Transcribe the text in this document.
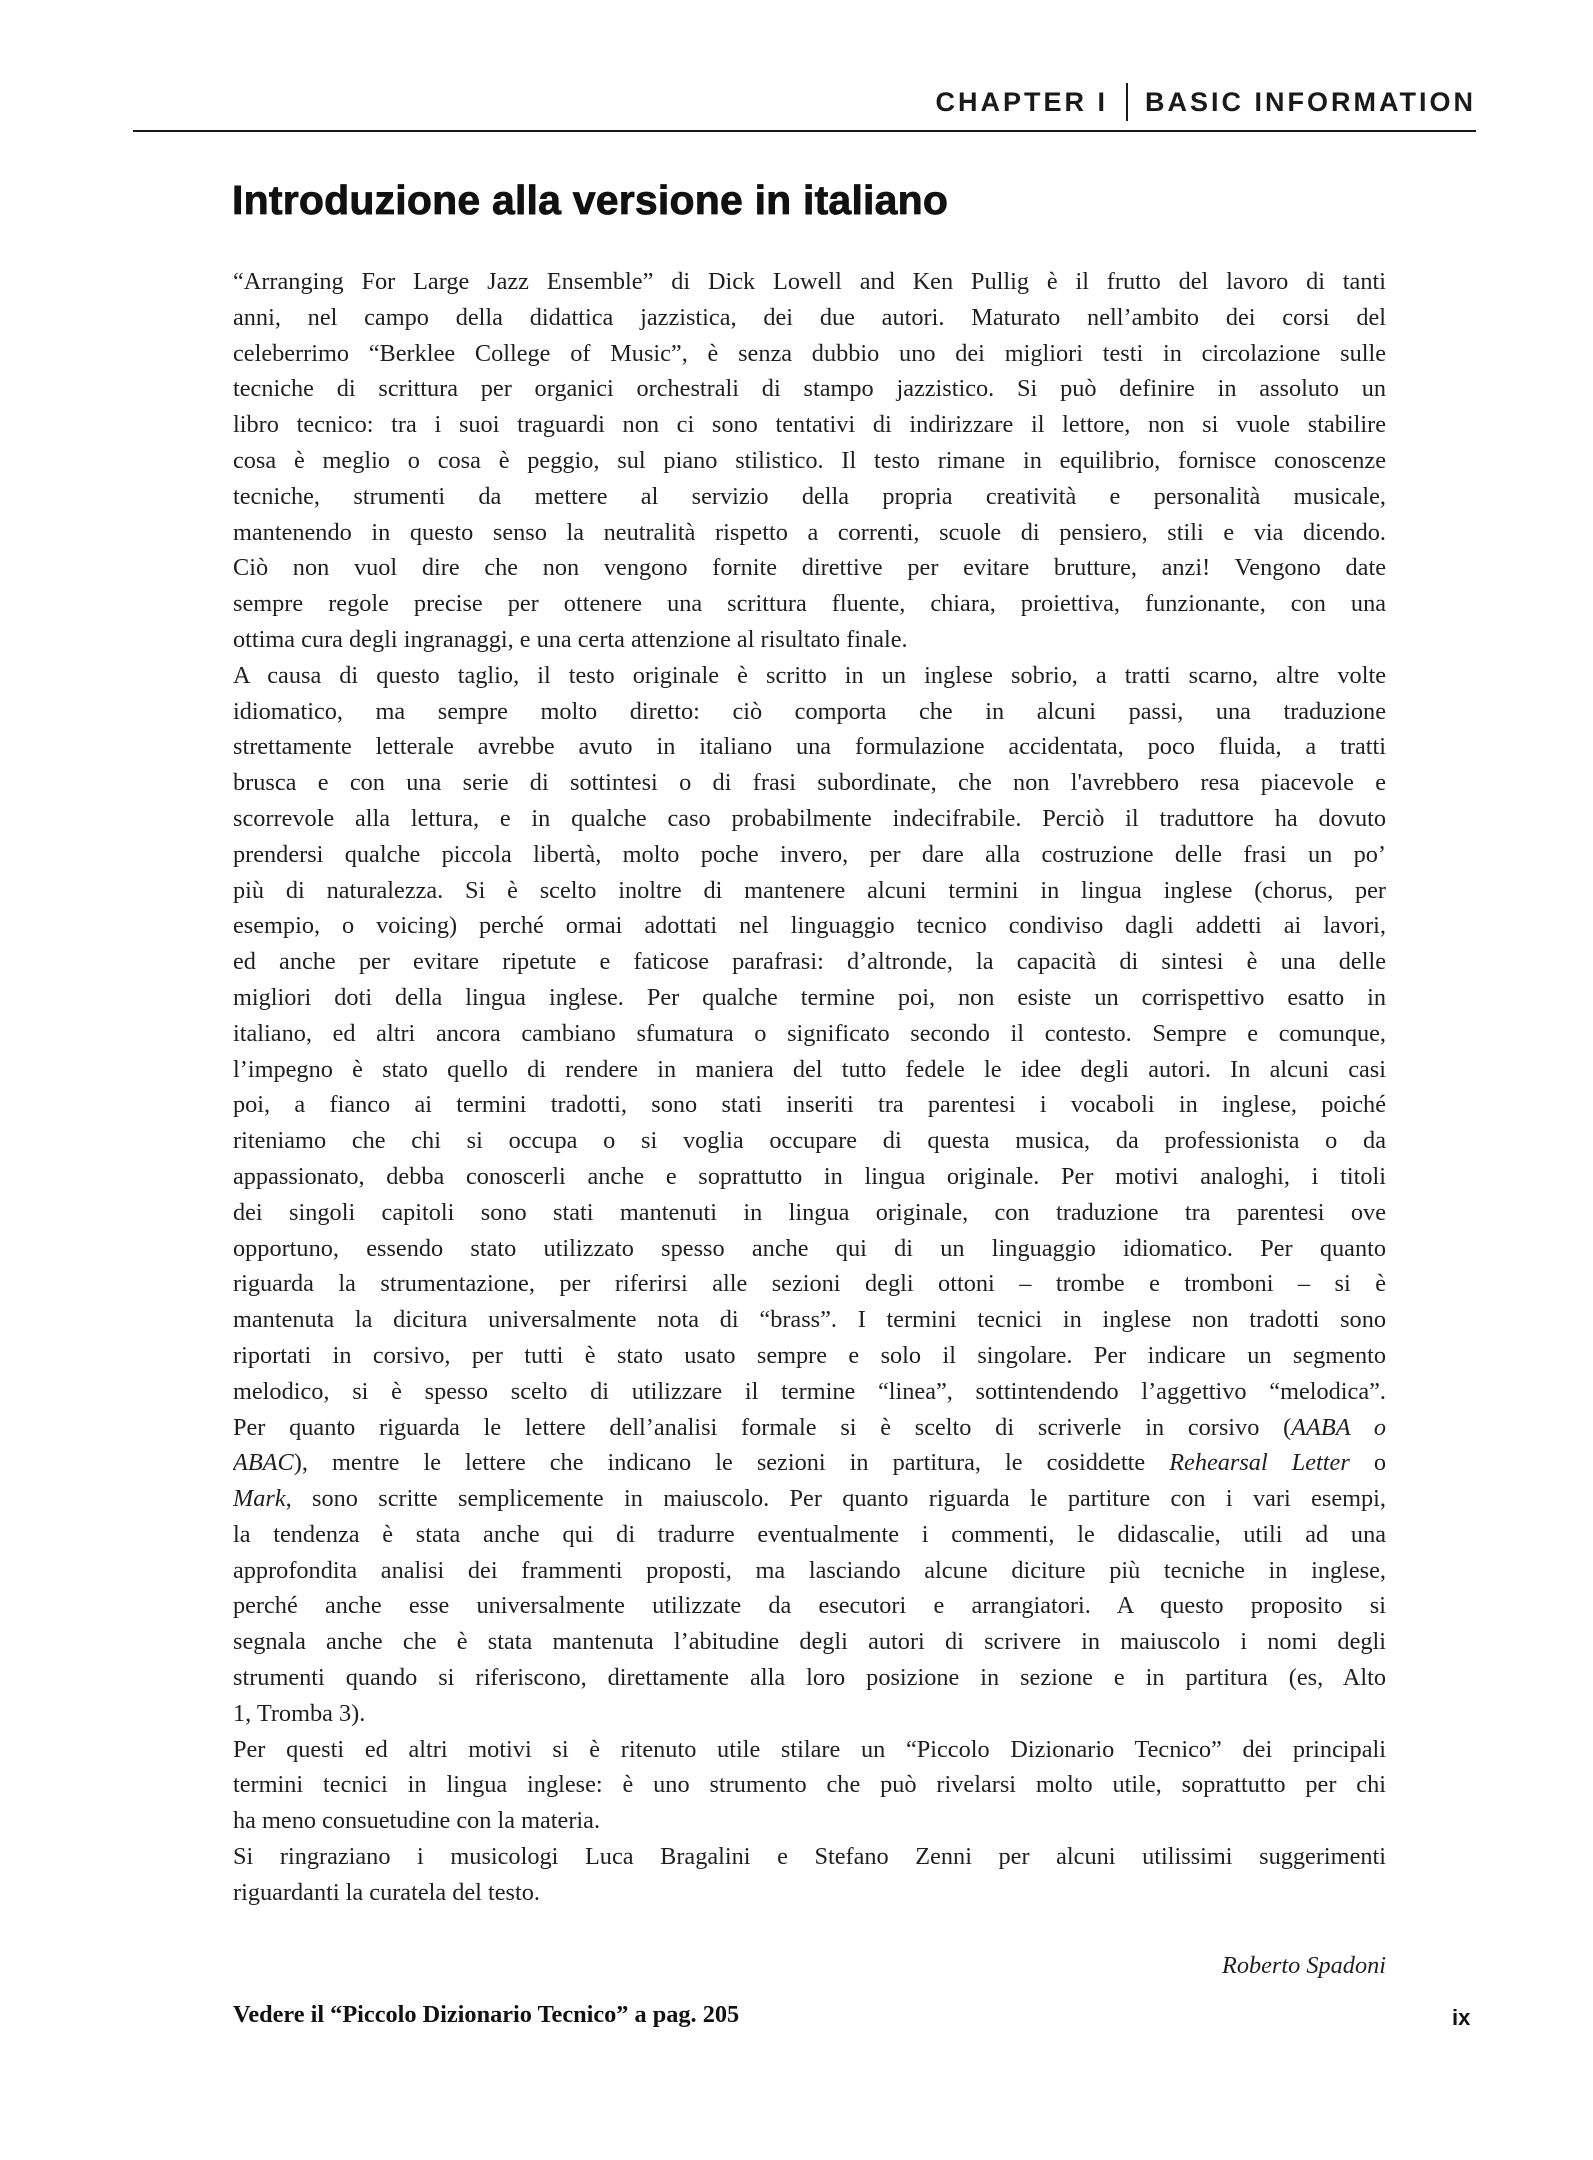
CHAPTER I BASIC INFORMATION
Introduzione alla versione in italiano
“Arranging For Large Jazz Ensemble” di Dick Lowell and Ken Pullig è il frutto del lavoro di tanti
anni, nel campo della didattica jazzistica, dei due autori. Maturato nell’ambito dei corsi del
celeberrimo “Berklee College of Music”, è senza dubbio uno dei migliori testi in circolazione sulle
tecniche di scrittura per organici orchestrali di stampo jazzistico. Si può definire in assoluto un
libro tecnico: tra i suoi traguardi non ci sono tentativi di indirizzare il lettore, non si vuole stabilire
cosa è meglio o cosa è peggio, sul piano stilistico. Il testo rimane in equilibrio, fornisce conoscenze
tecniche, strumenti da mettere al servizio della propria creatività e personalità musicale,
mantenendo in questo senso la neutralità rispetto a correnti, scuole di pensiero, stili e via dicendo.
Ciò non vuol dire che non vengono fornite direttive per evitare brutture, anzi! Vengono date
sempre regole precise per ottenere una scrittura fluente, chiara, proiettiva, funzionante, con una
ottima cura degli ingranaggi, e una certa attenzione al risultato finale.
A causa di questo taglio, il testo originale è scritto in un inglese sobrio, a tratti scarno, altre volte
idiomatico, ma sempre molto diretto: ciò comporta che in alcuni passi, una traduzione
strettamente letterale avrebbe avuto in italiano una formulazione accidentata, poco fluida, a tratti
brusca e con una serie di sottintesi o di frasi subordinate, che non l'avrebbero resa piacevole e
scorrevole alla lettura, e in qualche caso probabilmente indecifrabile. Perciò il traduttore ha dovuto
prendersi qualche piccola libertà, molto poche invero, per dare alla costruzione delle frasi un po’
più di naturalezza. Si è scelto inoltre di mantenere alcuni termini in lingua inglese (chorus, per
esempio, o voicing) perché ormai adottati nel linguaggio tecnico condiviso dagli addetti ai lavori,
ed anche per evitare ripetute e faticose parafrasi: d’altronde, la capacità di sintesi è una delle
migliori doti della lingua inglese. Per qualche termine poi, non esiste un corrispettivo esatto in
italiano, ed altri ancora cambiano sfumatura o significato secondo il contesto. Sempre e comunque,
l’impegno è stato quello di rendere in maniera del tutto fedele le idee degli autori. In alcuni casi
poi, a fianco ai termini tradotti, sono stati inseriti tra parentesi i vocaboli in inglese, poiché
riteniamo che chi si occupa o si voglia occupare di questa musica, da professionista o da
appassionato, debba conoscerli anche e soprattutto in lingua originale. Per motivi analoghi, i titoli
dei singoli capitoli sono stati mantenuti in lingua originale, con traduzione tra parentesi ove
opportuno, essendo stato utilizzato spesso anche qui di un linguaggio idiomatico. Per quanto
riguarda la strumentazione, per riferirsi alle sezioni degli ottoni – trombe e tromboni – si è
mantenuta la dicitura universalmente nota di “brass”. I termini tecnici in inglese non tradotti sono
riportati in corsivo, per tutti è stato usato sempre e solo il singolare. Per indicare un segmento
melodico, si è spesso scelto di utilizzare il termine “linea”, sottintendendo l’aggettivo “melodica”.
Per quanto riguarda le lettere dell’analisi formale si è scelto di scriverle in corsivo (AABA o
ABAC), mentre le lettere che indicano le sezioni in partitura, le cosiddette Rehearsal Letter o
Mark, sono scritte semplicemente in maiuscolo. Per quanto riguarda le partiture con i vari esempi,
la tendenza è stata anche qui di tradurre eventualmente i commenti, le didascalie, utili ad una
approfondita analisi dei frammenti proposti, ma lasciando alcune diciture più tecniche in inglese,
perché anche esse universalmente utilizzate da esecutori e arrangiatori. A questo proposito si
segnala anche che è stata mantenuta l’abitudine degli autori di scrivere in maiuscolo i nomi degli
strumenti quando si riferiscono, direttamente alla loro posizione in sezione e in partitura (es, Alto
1, Tromba 3).
Per questi ed altri motivi si è ritenuto utile stilare un “Piccolo Dizionario Tecnico” dei principali
termini tecnici in lingua inglese: è uno strumento che può rivelarsi molto utile, soprattutto per chi
ha meno consuetudine con la materia.
Si ringraziano i musicologi Luca Bragalini e Stefano Zenni per alcuni utilissimi suggerimenti
riguardanti la curatela del testo.
Roberto Spadoni
Vedere il “Piccolo Dizionario Tecnico” a pag. 205	ix
